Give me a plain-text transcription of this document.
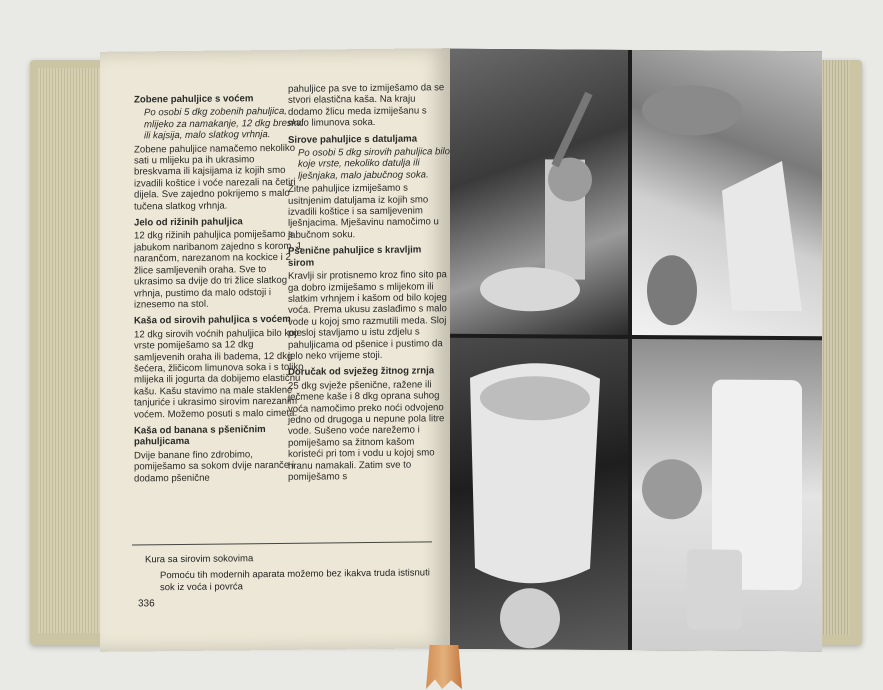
Zobene pahuljice s voćem
Po osobi 5 dkg zobenih pahuljica, mlijeko za namakanje, 12 dkg breskvi ili kajsija, malo slatkog vrhnja.
Zobene pahuljice namačemo nekoliko sati u mlijeku pa ih ukrasimo breskvama ili kajsijama iz kojih smo izvadili koštice i voće narezali na četiri dijela. Sve zajedno pokrijemo s malo tučena slatkog vrhnja.
Jelo od rižinih pahuljica
12 dkg rižinih pahuljica pomiješamo s jabukom naribanom zajedno s korom, 1 narančom, narezanom na kockice i 2 žlice samljevenih oraha. Sve to ukrasimo sa dvije do tri žlice slatkog vrhnja, pustimo da malo odstoji i iznesemo na stol.
Kaša od sirovih pahuljica s voćem
12 dkg sirovih voćnih pahuljica bilo koje vrste pomiješamo sa 12 dkg samljevenih oraha ili badema, 12 dkg šećera, žličicom limunova soka i s toliko mlijeka ili jogurta da dobijemo elastičnu kašu. Kašu stavimo na male staklene tanjuriće i ukrasimo sirovim narezanim voćem. Možemo posuti s malo cimeta.
Kaša od banana s pšeničnim pahuljicama
Dvije banane fino zdrobimo, pomiješamo sa sokom dvije naranče i dodamo pšenične
pahuljice pa sve to izmiješamo da se stvori elastična kaša. Na kraju dodamo žlicu meda izmiješanu s malo limunova soka.
Sirove pahuljice s datuljama
Po osobi 5 dkg sirovih pahuljica bilo koje vrste, nekoliko datulja ili lješnjaka, malo jabučnog soka.
Žitne pahuljice izmiješamo s usitnjenim datuljama iz kojih smo izvadili koštice i sa samljevenim lješnjacima. Mješavinu namočimo u jabučnom soku.
Pšenične pahuljice s kravljim sirom
Kravlji sir protisnemo kroz fino sito pa ga dobro izmiješamo s mlijekom ili slatkim vrhnjem i kašom od bilo kojeg voća. Prema ukusu zaslađimo s malo vode u kojoj smo razmutili meda. Sloj po sloj stavljamo u istu zdjelu s pahuljicama od pšenice i pustimo da jelo neko vrijeme stoji.
Doručak od svježeg žitnog zrnja
25 dkg svježe pšenične, raženе ili ječmene kaše i 8 dkg oprana suhog voća namočimo preko noći odvojeno jedno od drugoga u nepune pola litre vode. Sušeno voće narežemo i pomiješamo sa žitnom kašom koristeći pri tom i vodu u kojoj smo hranu namakali. Zatim sve to pomiješamo s
Kura sa sirovim sokovima
Pomoću tih modernih aparata možemo bez ikakva truda istisnuti sok iz voća i povrća
336
